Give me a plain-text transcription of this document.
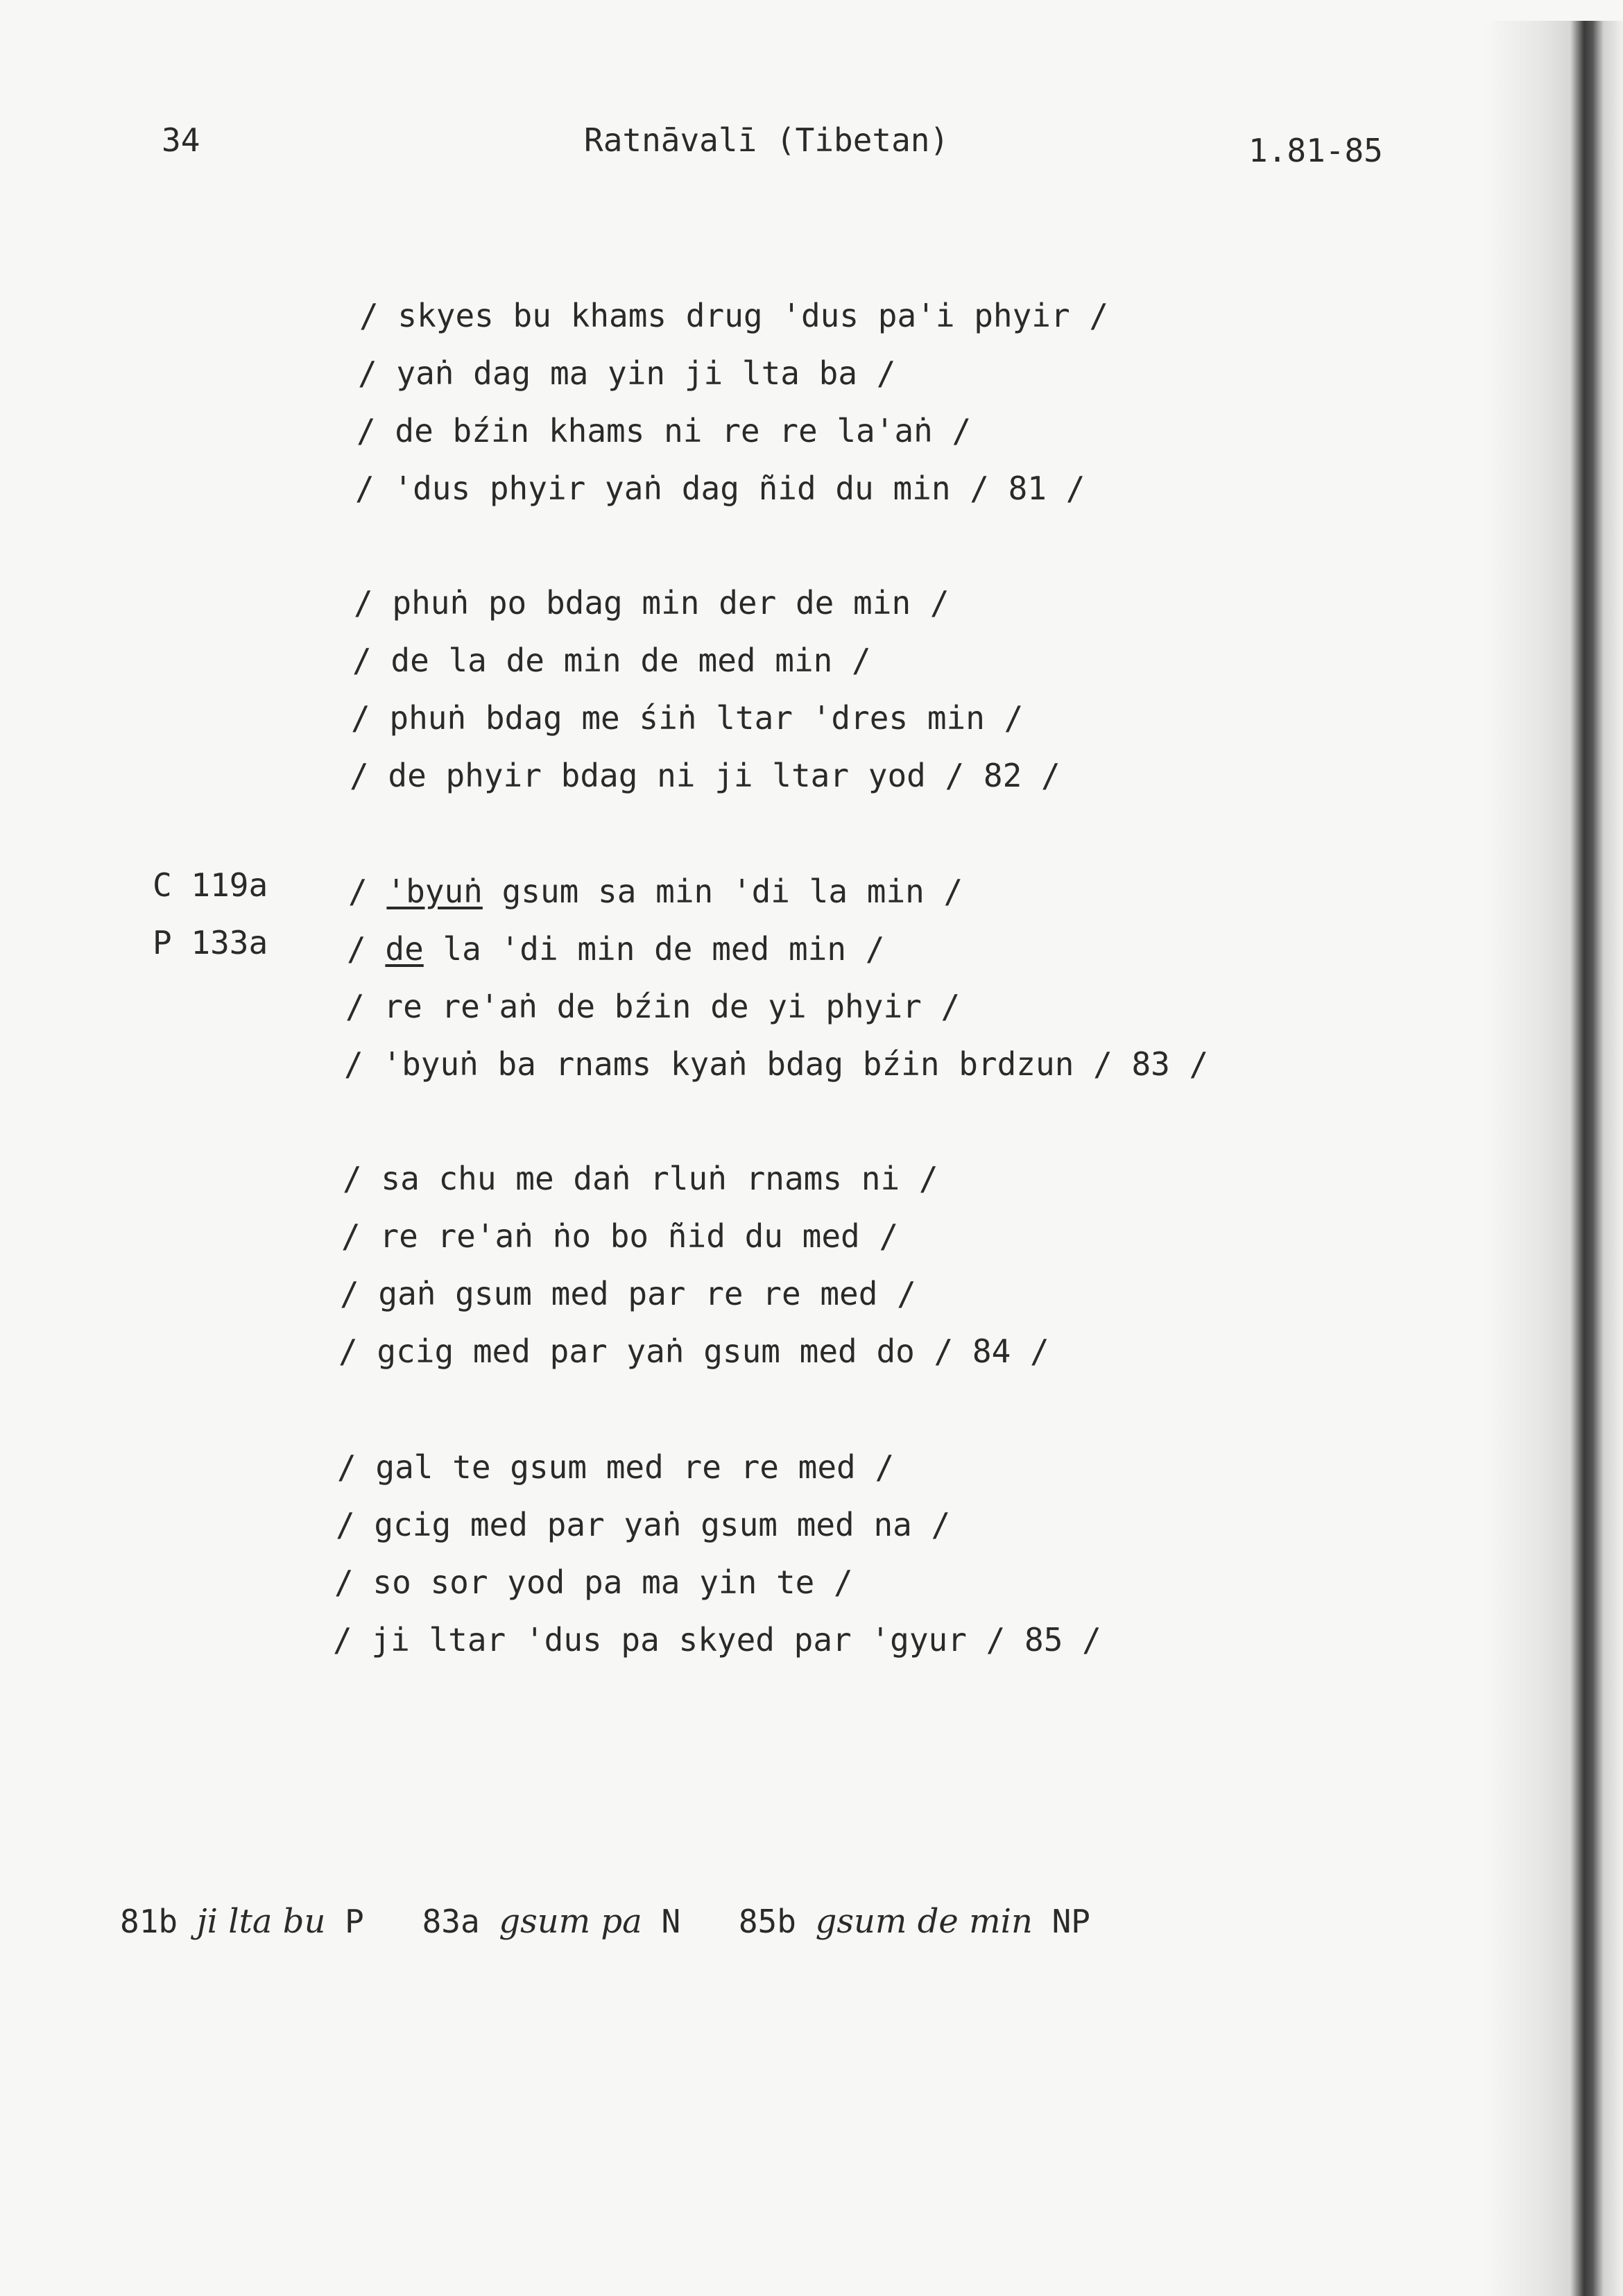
34	Ratnāvalī (Tibetan)	1.81-85
/ skyes bu khams drug 'dus pa'i phyir /
/ yaṅ dag ma yin ji lta ba /
/ de bźin khams ni re re la'aṅ /
/ 'dus phyir yaṅ dag ñid du min / 81 /
/ phuṅ po bdag min der de min /
/ de la de min de med min /
/ phuṅ bdag me śiṅ ltar 'dres min /
/ de phyir bdag ni ji ltar yod / 82 /
C 119a
P 133a
/ 'byuṅ gsum sa min 'di la min /
/ de la 'di min de med min /
/ re re'aṅ de bźin de yi phyir /
/ 'byuṅ ba rnams kyaṅ bdag bźin brdzun / 83 /
/ sa chu me daṅ rluṅ rnams ni /
/ re re'aṅ ṅo bo ñid du med /
/ gaṅ gsum med par re re med /
/ gcig med par yaṅ gsum med do / 84 /
/ gal te gsum med re re med /
/ gcig med par yaṅ gsum med na /
/ so sor yod pa ma yin te /
/ ji ltar 'dus pa skyed par 'gyur / 85 /
81b ji lta bu P 83a gsum pa N 85b gsum de min NP
